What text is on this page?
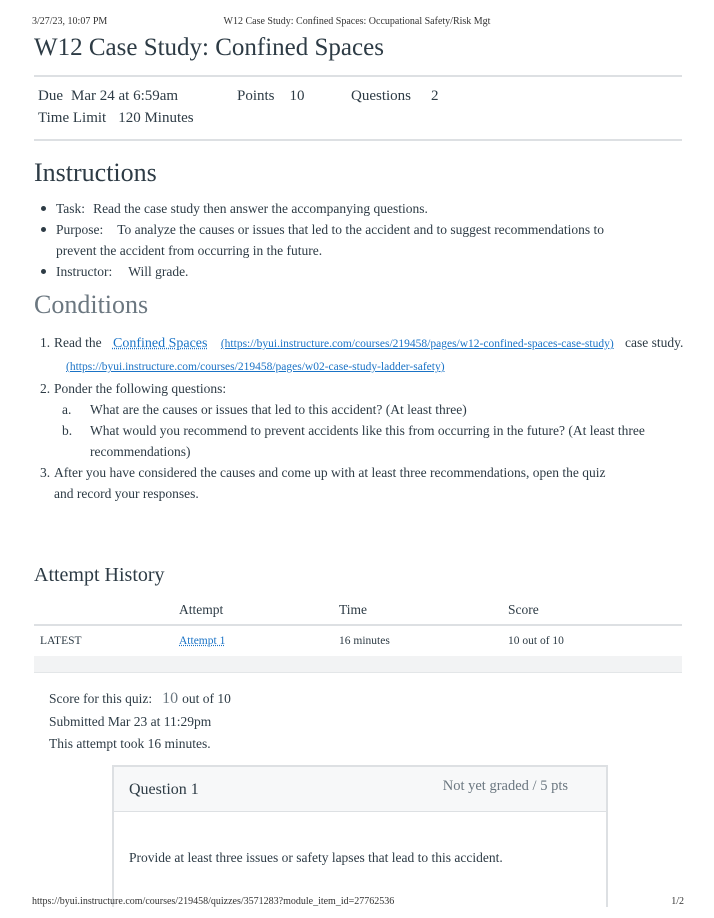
3/27/23, 10:07 PM	W12 Case Study: Confined Spaces: Occupational Safety/Risk Mgt
W12 Case Study: Confined Spaces
Due Mar 24 at 6:59am	Points 10	Questions 2
Time Limit 120 Minutes
Instructions
Task: Read the case study then answer the accompanying questions.
Purpose: To analyze the causes or issues that led to the accident and to suggest recommendations to prevent the accident from occurring in the future.
Instructor: Will grade.
Conditions
1. Read the Confined Spaces (https://byui.instructure.com/courses/219458/pages/w12-confined-spaces-case-study) case study. (https://byui.instructure.com/courses/219458/pages/w02-case-study-ladder-safety)
2. Ponder the following questions:
a.	What are the causes or issues that led to this accident? (At least three)
b.	What would you recommend to prevent accidents like this from occurring in the future? (At least three recommendations)
3. After you have considered the causes and come up with at least three recommendations, open the quiz and record your responses.
Attempt History
	Attempt	Time	Score
LATEST	Attempt 1	16 minutes	10 out of 10
Score for this quiz: 10 out of 10
Submitted Mar 23 at 11:29pm
This attempt took 16 minutes.
Question 1	Not yet graded / 5 pts
Provide at least three issues or safety lapses that lead to this accident.
https://byui.instructure.com/courses/219458/quizzes/3571283?module_item_id=27762536	1/2
